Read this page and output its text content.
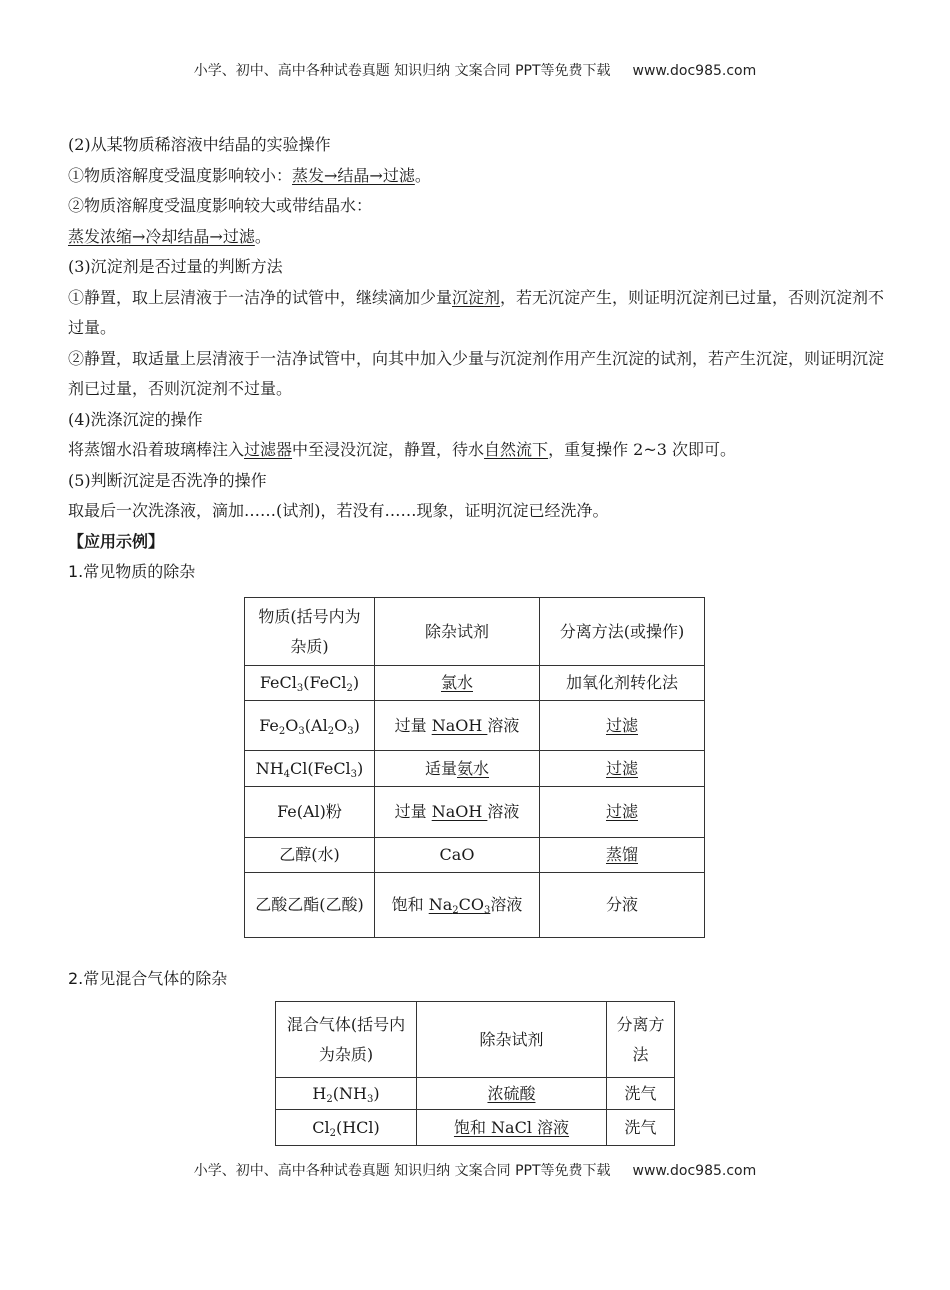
小学、初中、高中各种试卷真题 知识归纳 文案合同 PPT等免费下载 www.doc985.com

(2)从某物质稀溶液中结晶的实验操作

①物质溶解度受温度影响较小：蒸发→结晶→过滤。

②物质溶解度受温度影响较大或带结晶水：

蒸发浓缩→冷却结晶→过滤。

(3)沉淀剂是否过量的判断方法

①静置，取上层清液于一洁净的试管中，继续滴加少量沉淀剂，若无沉淀产生，则证明沉淀剂已过量，否则沉淀剂不过量。

②静置，取适量上层清液于一洁净试管中，向其中加入少量与沉淀剂作用产生沉淀的试剂，若产生沉淀，则证明沉淀剂已过量，否则沉淀剂不过量。

(4)洗涤沉淀的操作

将蒸馏水沿着玻璃棒注入过滤器中至浸没沉淀，静置，待水自然流下，重复操作 2~3 次即可。

(5)判断沉淀是否洗净的操作

取最后一次洗涤液，滴加……(试剂)，若没有……现象，证明沉淀已经洗净。

【应用示例】

1.常见物质的除杂

物质(括号内为杂质)	除杂试剂	分离方法(或操作)
FeCl$_3$(FeCl$_2$)	氯水	加氧化剂转化法
$Fe_2O_3(Al_2O_3)$	过量 NaOH 溶液	过滤
$NH_4Cl(FeCl_3)$	适量氨水	过滤
Fe(Al)粉	过量 NaOH 溶液	过滤
乙醇(水)	CaO	蒸馏
乙酸乙酯(乙酸)	饱和 $Na_2CO_3$溶液	分液
2.常见混合气体的除杂
混合气体(括号内为杂质)	除杂试剂	分离方法
$H_2(NH_3)$	浓硫酸	洗气
$Cl_2(HCl)$	饱和 NaCl 溶液	洗气
小学、初中、高中各种试卷真题 知识归纳 文案合同 PPT等免费下载 www.doc985.com
